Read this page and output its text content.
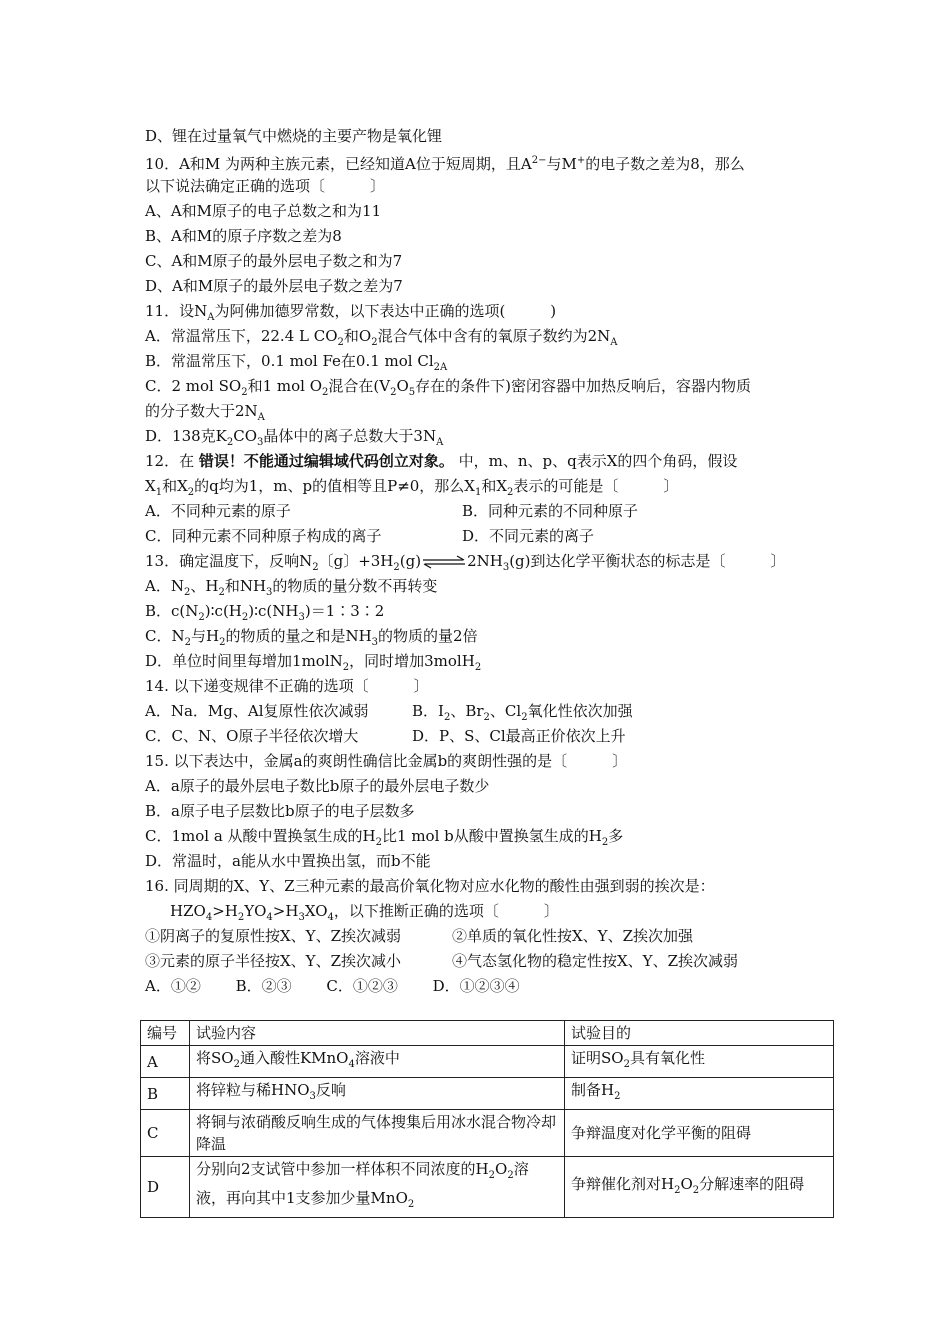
D、锂在过量氧气中燃烧的主要产物是氧化锂
10．A和M 为两种主族元素，已经知道A位于短周期，且$A^{2-}$与M+的电子数之差为8，那么
以下说法确定正确的选项〔　　　〕
A、A和M原子的电子总数之和为11
B、A和M的原子序数之差为8
C、A和M原子的最外层电子数之和为7
D、A和M原子的最外层电子数之差为7
11．设$N_A$为阿佛加德罗常数，以下表达中正确的选项(　　　)
A．常温常压下，22.4 L $CO_2$和$O_2$混合气体中含有的氧原子数约为$2N_A$
B．常温常压下，0.1 mol Fe在0.1 mol $Cl_{2A}$
C．2 mol $SO_2$和1 mol $O_2$混合在($V_2O_5$存在的条件下)密闭容器中加热反响后，容器内物质
的分子数大于$2N_A$
D．138克$K_2CO_3$晶体中的离子总数大于$3N_A$
12．在 错误！不能通过编辑域代码创立对象。 中，m、n、p、q表示X的四个角码，假设
$X_1$和$X_2$的q均为1，m、p的值相等且P≠0，那么$X_1$和$X_2$表示的可能是〔　　　〕
A．不同种元素的原子	B．同种元素的不同种原子
C．同种元素不同种原子构成的离子	D．不同元素的离子
13．确定温度下，反响$N_2$〔g〕$+3H_2(g)\rightleftharpoons 2NH_3(g)$到达化学平衡状态的标志是〔　　　〕
A．$N_2$、$H_2$和$NH_3$的物质的量分数不再转变
B．$c(N_2)∶c(H_2)∶c(NH_3)=1∶3∶2$
C．$N_2$与$H_2$的物质的量之和是$NH_3$的物质的量2倍
D．单位时间里每增加1molN$_2$，同时增加3molH$_2$
14. 以下递变规律不正确的选项〔　　　〕
A．Na．Mg、Al复原性依次减弱	B．$I_2$、$Br_2$、$Cl_2$氧化性依次加强
C．C、N、O原子半径依次增大	D．P、S、Cl最高正价依次上升
15. 以下表达中，金属a的爽朗性确信比金属b的爽朗性强的是〔　　　〕
A．a原子的最外层电子数比b原子的最外层电子数少
B．a原子电子层数比b原子的电子层数多
C．1mol a 从酸中置换氢生成的$H_2$比1 mol b从酸中置换氢生成的$H_2$多
D．常温时，a能从水中置换出氢，而b不能
16. 同周期的X、Y、Z三种元素的最高价氧化物对应水化物的酸性由强到弱的挨次是：
$HZO_4>H_2YO_4>H_3XO_4$，以下推断正确的选项〔　　　〕
①阴离子的复原性按X、Y、Z挨次减弱	②单质的氧化性按X、Y、Z挨次加强
③元素的原子半径按X、Y、Z挨次减小	④气态氢化物的稳定性按X、Y、Z挨次减弱
A．①②　　 B．②③　　 C．①②③　　 D．①②③④
编号	试验内容	试验目的
A	将$SO_2$通入酸性KMnO$_4$溶液中	证明$SO_2$具有氧化性
B	将锌粒与稀$HNO_3$反响	制备$H_2$
C	将铜与浓硝酸反响生成的气体搜集后用冰水混合物冷却降温	争辩温度对化学平衡的阻碍
D	分别向2支试管中参加一样体积不同浓度的$H_2O_2$溶液，再向其中1支参加少量MnO$_2$	争辩催化剂对$H_2O_2$分解速率的阻碍
